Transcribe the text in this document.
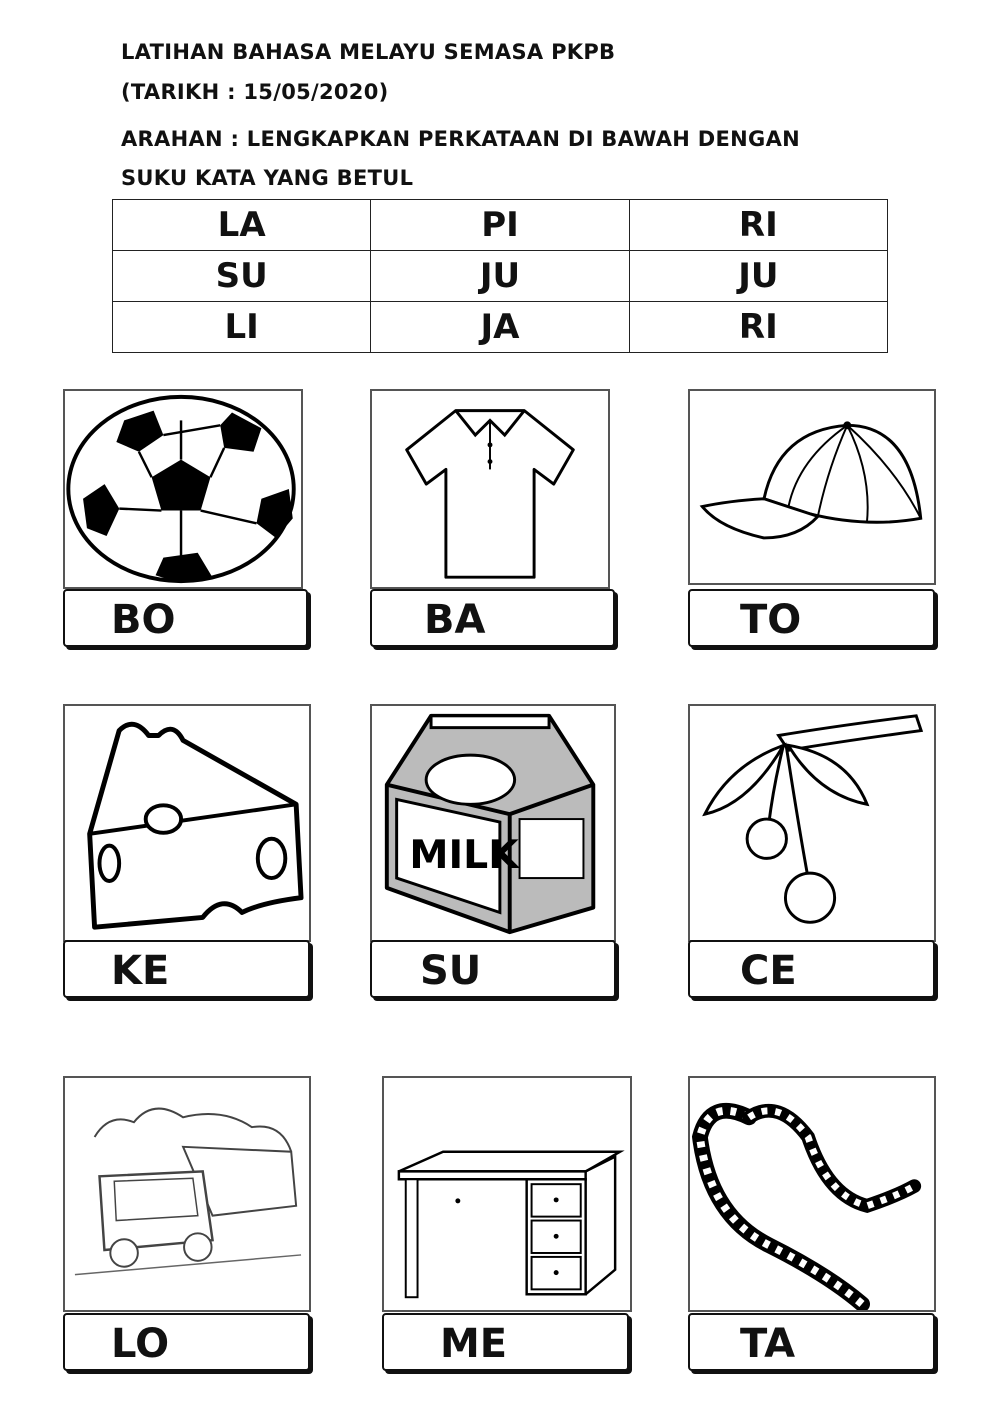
LATIHAN BAHASA MELAYU SEMASA PKPB
(TARIKH : 15/05/2020)
ARAHAN : LENGKAPKAN PERKATAAN DI BAWAH DENGAN
SUKU KATA YANG BETUL
LA	PI	RI
SU	JU	JU
LI	JA	RI
BO	BA	TO
KE
MILK
SU	CE
LO	ME	TA
